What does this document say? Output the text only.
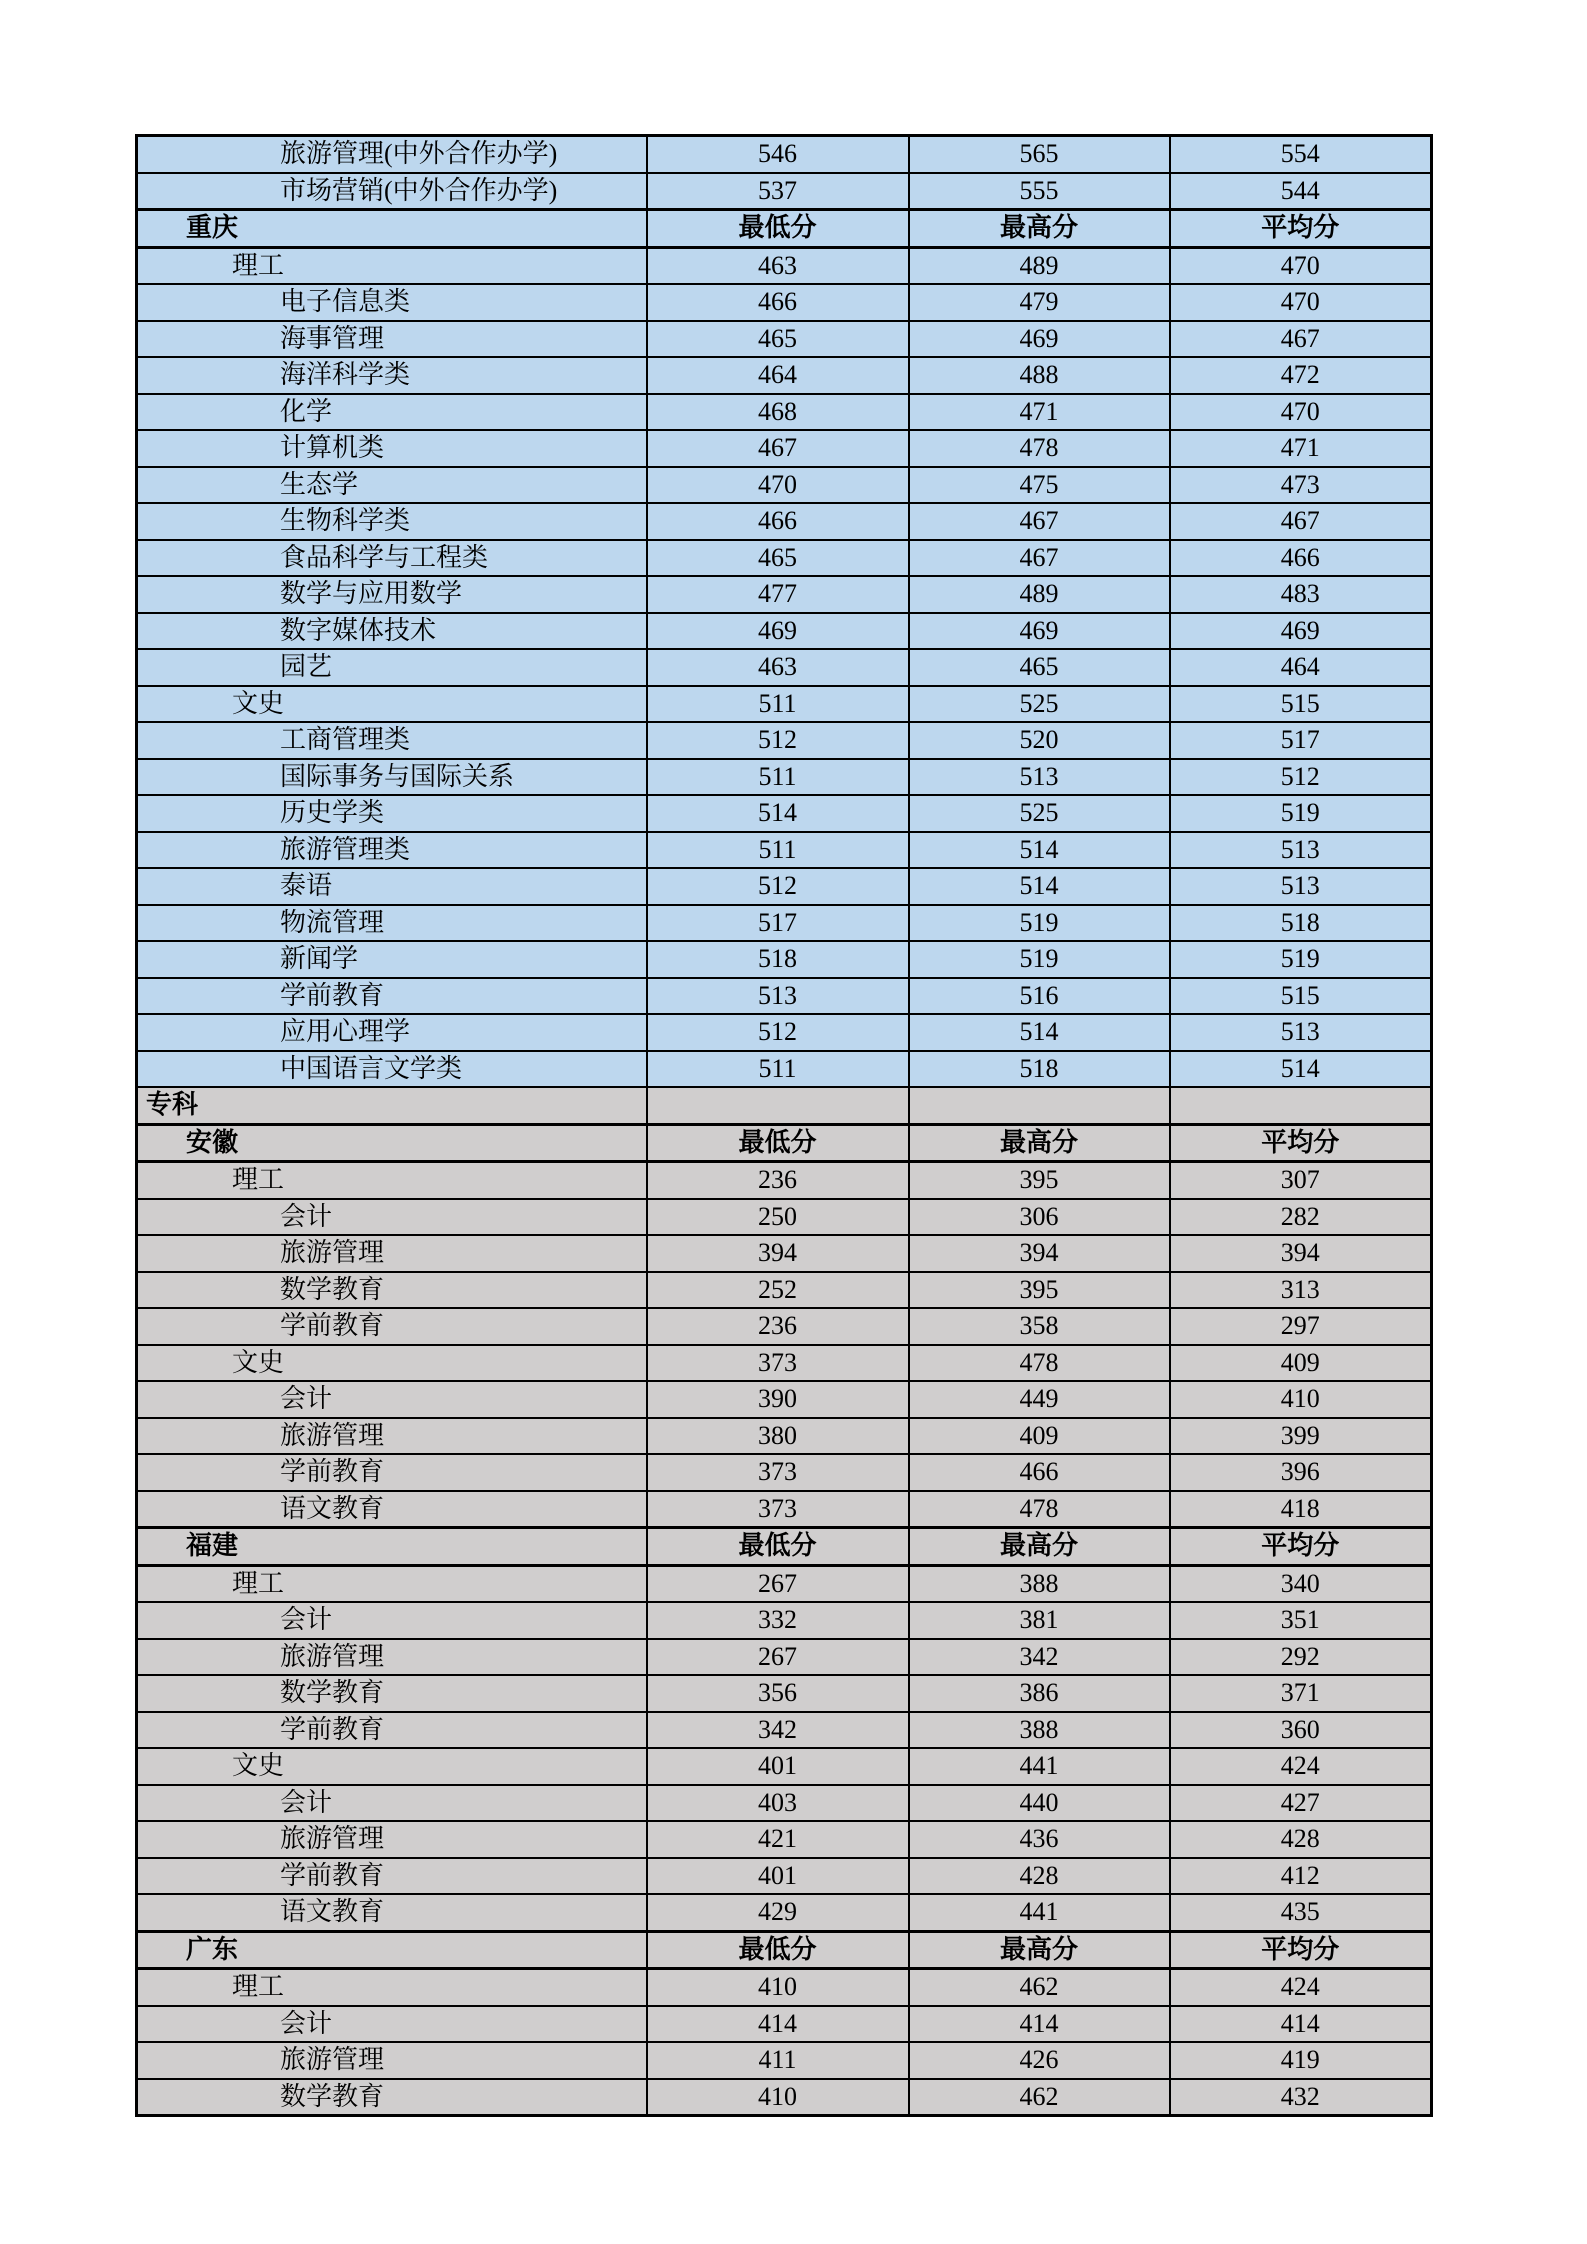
旅游管理(中外合作办学)	546	565	554
市场营销(中外合作办学)	537	555	544
重庆	最低分	最高分	平均分
理工	463	489	470
电子信息类	466	479	470
海事管理	465	469	467
海洋科学类	464	488	472
化学	468	471	470
计算机类	467	478	471
生态学	470	475	473
生物科学类	466	467	467
食品科学与工程类	465	467	466
数学与应用数学	477	489	483
数字媒体技术	469	469	469
园艺	463	465	464
文史	511	525	515
工商管理类	512	520	517
国际事务与国际关系	511	513	512
历史学类	514	525	519
旅游管理类	511	514	513
泰语	512	514	513
物流管理	517	519	518
新闻学	518	519	519
学前教育	513	516	515
应用心理学	512	514	513
中国语言文学类	511	518	514
专科			
安徽	最低分	最高分	平均分
理工	236	395	307
会计	250	306	282
旅游管理	394	394	394
数学教育	252	395	313
学前教育	236	358	297
文史	373	478	409
会计	390	449	410
旅游管理	380	409	399
学前教育	373	466	396
语文教育	373	478	418
福建	最低分	最高分	平均分
理工	267	388	340
会计	332	381	351
旅游管理	267	342	292
数学教育	356	386	371
学前教育	342	388	360
文史	401	441	424
会计	403	440	427
旅游管理	421	436	428
学前教育	401	428	412
语文教育	429	441	435
广东	最低分	最高分	平均分
理工	410	462	424
会计	414	414	414
旅游管理	411	426	419
数学教育	410	462	432
